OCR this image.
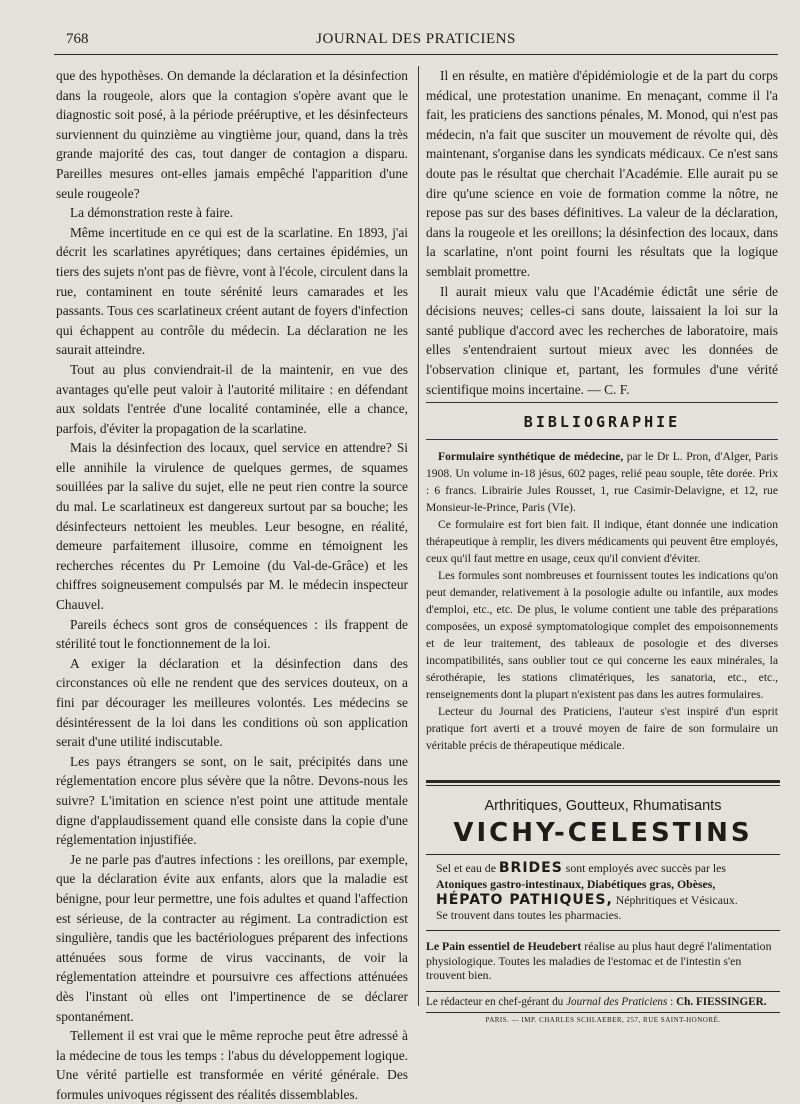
768	JOURNAL DES PRATICIENS

que des hypothèses. On demande la déclaration et la désinfection dans la rougeole, alors que la contagion s'opère avant que le diagnostic soit posé, à la période prééruptive, et les désinfecteurs surviennent du quinzième au vingtième jour, quand, dans la très grande majorité des cas, tout danger de contagion a disparu. Pareilles mesures ont-elles jamais empêché l'apparition d'une seule rougeole?

La démonstration reste à faire.

Même incertitude en ce qui est de la scarlatine. En 1893, j'ai décrit les scarlatines apyrétiques; dans certaines épidémies, un tiers des sujets n'ont pas de fièvre, vont à l'école, circulent dans la rue, contaminent en toute sérénité leurs camarades et les passants. Tous ces scarlatineux créent autant de foyers d'infection qui échappent au contrôle du médecin. La déclaration ne les saurait atteindre.

Tout au plus conviendrait-il de la maintenir, en vue des avantages qu'elle peut valoir à l'autorité militaire : en défendant aux soldats l'entrée d'une localité contaminée, elle a chance, parfois, d'éviter la propagation de la scarlatine.

Mais la désinfection des locaux, quel service en attendre? Si elle annihile la virulence de quelques germes, de squames souillées par la salive du sujet, elle ne peut rien contre la source du mal. Le scarlatineux est dangereux surtout par sa bouche; les désinfecteurs nettoient les meubles. Leur besogne, en réalité, demeure parfaitement illusoire, comme en témoignent les recherches récentes du Pr Lemoine (du Val-de-Grâce) et les chiffres soigneusement compulsés par M. le médecin inspecteur Chauvel.

Pareils échecs sont gros de conséquences : ils frappent de stérilité tout le fonctionnement de la loi.

A exiger la déclaration et la désinfection dans des circonstances où elle ne rendent que des services douteux, on a fini par décourager les meilleures volontés. Les médecins se désintéressent de la loi dans les conditions où son application serait d'une utilité indiscutable.

Les pays étrangers se sont, on le sait, précipités dans une réglementation encore plus sévère que la nôtre. Devons-nous les suivre? L'imitation en science n'est point une attitude mentale digne d'applaudissement quand elle consiste dans la copie d'une réglementation injustifiée.

Je ne parle pas d'autres infections : les oreillons, par exemple, que la déclaration évite aux enfants, alors que la maladie est bénigne, pour leur permettre, une fois adultes et quand l'affection est sérieuse, de la contracter au régiment. La contradiction est singulière, tandis que les bactériologues préparent des infections atténuées sous forme de virus vaccinants, de voir la réglementation atteindre et poursuivre ces affections atténuées dès l'instant où elles ont l'impertinence de se déclarer spontanément.

Tellement il est vrai que le même reproche peut être adressé à la médecine de tous les temps : l'abus du développement logique. Une vérité partielle est transformée en vérité générale. Des formules univoques régissent des réalités dissemblables.

Il en résulte, en matière d'épidémiologie et de la part du corps médical, une protestation unanime. En menaçant, comme il l'a fait, les praticiens des sanctions pénales, M. Monod, qui n'est pas médecin, n'a fait que susciter un mouvement de révolte qui, dès maintenant, s'organise dans les syndicats médicaux. Ce n'est sans doute pas le résultat que cherchait l'Académie. Elle aurait pu se dire qu'une science en voie de formation comme la nôtre, ne repose pas sur des bases définitives. La valeur de la déclaration, dans la rougeole et les oreillons; la désinfection des locaux, dans la scarlatine, n'ont point fourni les résultats que la logique semblait promettre.

Il aurait mieux valu que l'Académie édictât une série de décisions neuves; celles-ci sans doute, laissaient la loi sur la santé publique d'accord avec les recherches de laboratoire, mais elles s'entendraient surtout mieux avec les données de l'observation clinique et, partant, les formules d'une vérité scientifique moins incertaine. — C. F.

BIBLIOGRAPHIE

Formulaire synthétique de médecine, par le Dr L. Pron, d'Alger, Paris 1908. Un volume in-18 jésus, 602 pages, relié peau souple, tête dorée. Prix : 6 francs. Librairie Jules Rousset, 1, rue Casimir-Delavigne, et 12, rue Monsieur-le-Prince, Paris (VIe).

Ce formulaire est fort bien fait. Il indique, étant donnée une indication thérapeutique à remplir, les divers médicaments qui peuvent être employés, ceux qu'il faut mettre en usage, ceux qu'il convient d'éviter.

Les formules sont nombreuses et fournissent toutes les indications qu'on peut demander, relativement à la posologie adulte ou infantile, aux modes d'emploi, etc., etc. De plus, le volume contient une table des préparations composées, un exposé symptomatologique complet des empoisonnements et de leur traitement, des tableaux de posologie et des diverses incompatibilités, sans oublier tout ce qui concerne les eaux minérales, la sérothérapie, les stations climatériques, les sanatoria, etc., etc., renseignements dont la plupart n'existent pas dans les autres formulaires.

Lecteur du Journal des Praticiens, l'auteur s'est inspiré d'un esprit pratique fort averti et a trouvé moyen de faire de son formulaire un véritable précis de thérapeutique médicale.

Arthritiques, Goutteux, Rhumatisants
VICHY-CELESTINS
Sel et eau de BRIDES sont employés avec succès par les
Atoniques gastro-intestinaux, Diabétiques gras, Obèses,
HÉPATO PATHIQUES, Néphritiques et Vésicaux.
Se trouvent dans toutes les pharmacies.
Le Pain essentiel de Heudebert réalise au plus haut degré l'alimentation physiologique. Toutes les maladies de l'estomac et de l'intestin s'en trouvent bien.
Le rédacteur en chef-gérant du Journal des Praticiens : Ch. FIESSINGER.
PARIS. — IMP. CHARLES SCHLAEBER, 257, RUE SAINT-HONORÉ.
